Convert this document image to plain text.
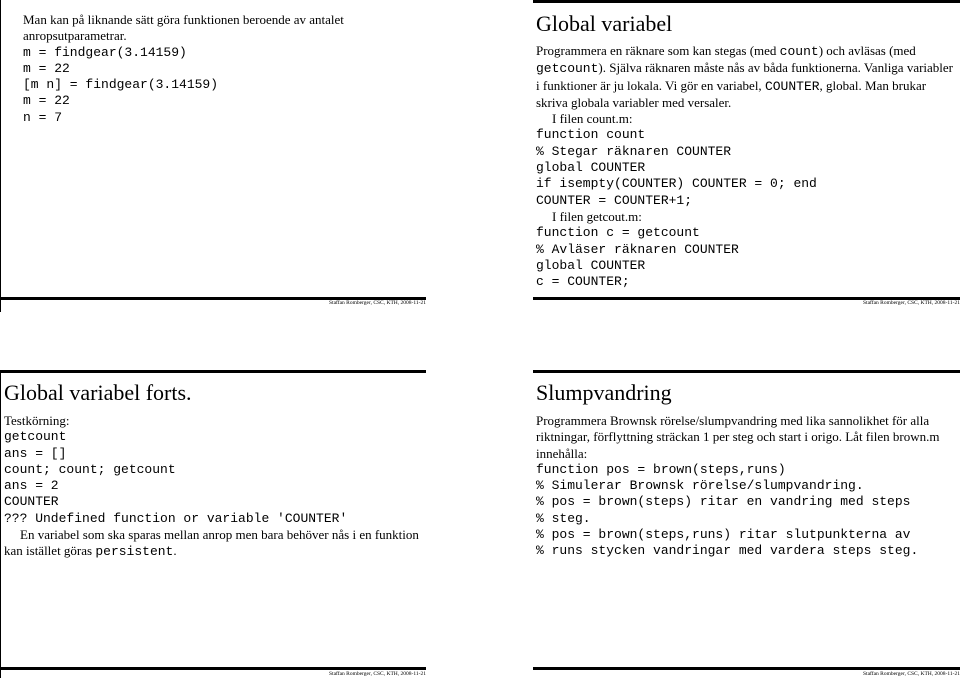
Man kan på liknande sätt göra funktionen beroende av antalet
anropsutparametrar.
m = findgear(3.14159)
m = 22
[m n] = findgear(3.14159)
m = 22
n = 7
Staffan Romberger, CSC, KTH, 2008-11-21
Global variabel
Programmera en räknare som kan stegas (med count) och avläsas (med getcount). Själva räknaren måste nås av båda funktionerna. Vanliga variabler i funktioner är ju lokala. Vi gör en variabel, COUNTER, global. Man brukar skriva globala variabler med versaler.
I filen count.m:
function count
% Stegar räknaren COUNTER
global COUNTER
if isempty(COUNTER) COUNTER = 0; end
COUNTER = COUNTER+1;
I filen getcout.m:
function c = getcount
% Avläser räknaren COUNTER
global COUNTER
c = COUNTER;
Staffan Romberger, CSC, KTH, 2008-11-21
Global variabel forts.
Testkörning:
getcount
ans = []
count; count; getcount
ans = 2
COUNTER
??? Undefined function or variable 'COUNTER'
En variabel som ska sparas mellan anrop men bara behöver nås i en funktion kan istället göras persistent.
Staffan Romberger, CSC, KTH, 2008-11-21
Slumpvandring
Programmera Brownsk rörelse/slumpvandring med lika sannolikhet för alla riktningar, förflyttning sträckan 1 per steg och start i origo. Låt filen brown.m innehålla:
function pos = brown(steps,runs)
% Simulerar Brownsk rörelse/slumpvandring.
% pos = brown(steps) ritar en vandring med steps
% steg.
% pos = brown(steps,runs) ritar slutpunkterna av
% runs stycken vandringar med vardera steps steg.
Staffan Romberger, CSC, KTH, 2008-11-21
